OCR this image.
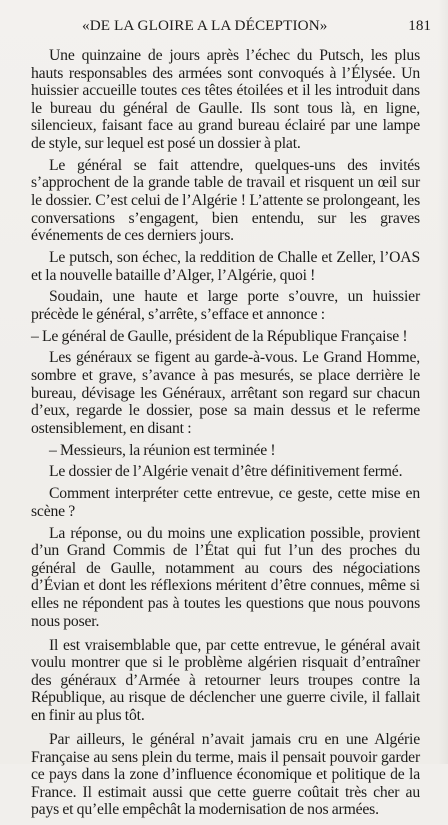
«DE LA GLOIRE A LA DÉCEPTION»	181

Une quinzaine de jours après l’échec du Putsch, les plus hauts responsables des armées sont convoqués à l’Élysée. Un huissier accueille toutes ces têtes étoilées et il les introduit dans le bureau du général de Gaulle. Ils sont tous là, en ligne, silencieux, faisant face au grand bureau éclairé par une lampe de style, sur lequel est posé un dossier à plat.

Le général se fait attendre, quelques-uns des invités s’approchent de la grande table de travail et risquent un œil sur le dossier. C’est celui de l’Algérie ! L’attente se prolongeant, les conversations s’engagent, bien entendu, sur les graves événements de ces derniers jours.

Le putsch, son échec, la reddition de Challe et Zeller, l’OAS et la nouvelle bataille d’Alger, l’Algérie, quoi !

Soudain, une haute et large porte s’ouvre, un huissier précède le général, s’arrête, s’efface et annonce :

– Le général de Gaulle, président de la République Française !

Les généraux se figent au garde-à-vous. Le Grand Homme, sombre et grave, s’avance à pas mesurés, se place derrière le bureau, dévisage les Généraux, arrêtant son regard sur chacun d’eux, regarde le dossier, pose sa main dessus et le referme ostensiblement, en disant :

– Messieurs, la réunion est terminée !

Le dossier de l’Algérie venait d’être définitivement fermé.

Comment interpréter cette entrevue, ce geste, cette mise en scène ?

La réponse, ou du moins une explication possible, provient d’un Grand Commis de l’État qui fut l’un des proches du général de Gaulle, notamment au cours des négociations d’Évian et dont les réflexions méritent d’être connues, même si elles ne répondent pas à toutes les questions que nous pouvons nous poser.

Il est vraisemblable que, par cette entrevue, le général avait voulu montrer que si le problème algérien risquait d’entraîner des généraux d’Armée à retourner leurs troupes contre la République, au risque de déclencher une guerre civile, il fallait en finir au plus tôt.

Par ailleurs, le général n’avait jamais cru en une Algérie Française au sens plein du terme, mais il pensait pouvoir garder ce pays dans la zone d’influence économique et politique de la France. Il estimait aussi que cette guerre coûtait très cher au pays et qu’elle empêchât la modernisation de nos armées.
